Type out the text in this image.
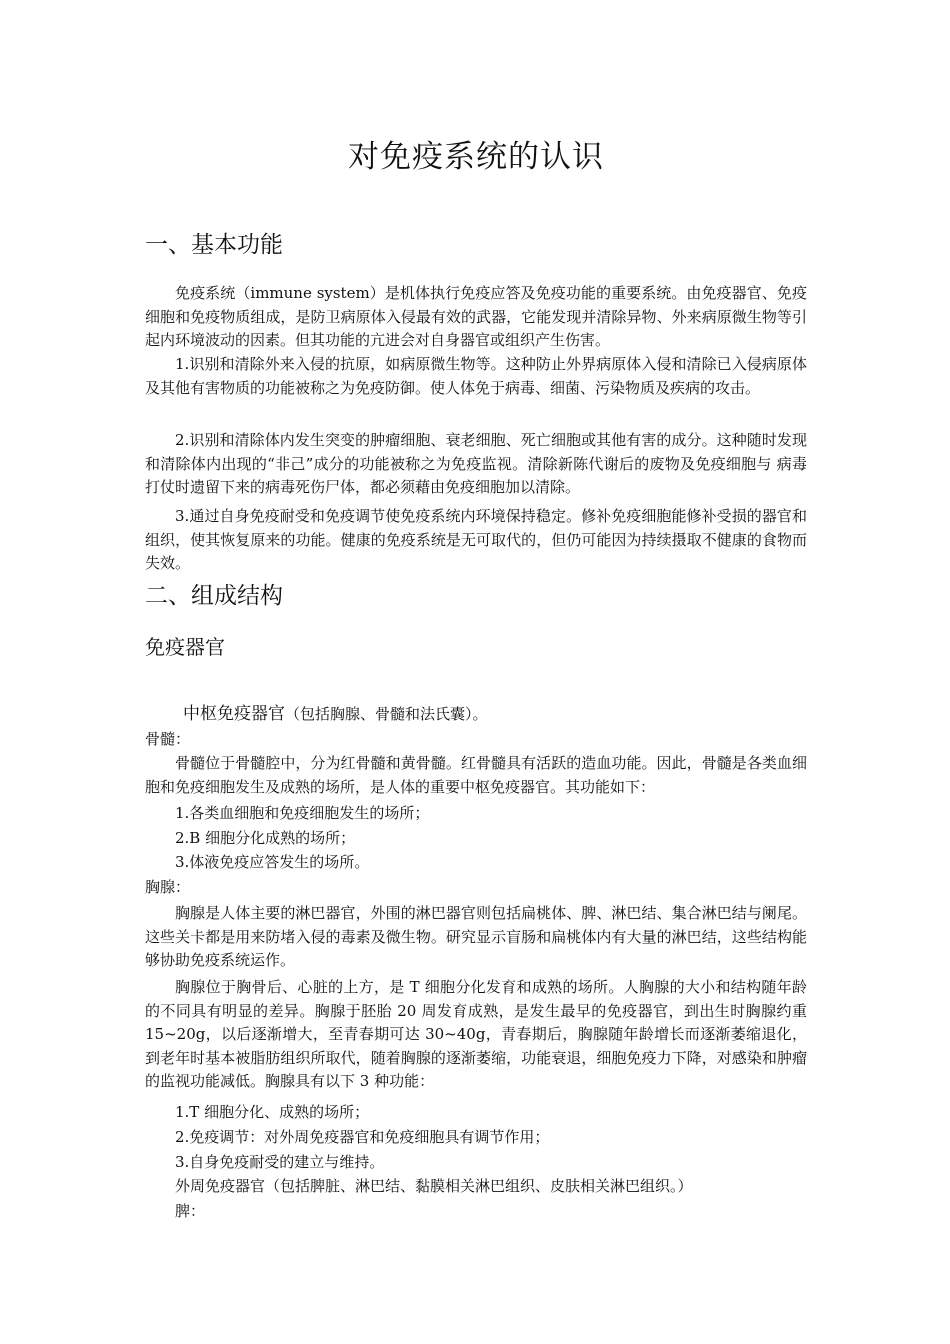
对免疫系统的认识
一、基本功能

免疫系统（immune system）是机体执行免疫应答及免疫功能的重要系统。由免疫器官、免疫细胞和免疫物质组成，是防卫病原体入侵最有效的武器，它能发现并清除异物、外来病原微生物等引起内环境波动的因素。但其功能的亢进会对自身器官或组织产生伤害。

1.识别和清除外来入侵的抗原，如病原微生物等。这种防止外界病原体入侵和清除已入侵病原体及其他有害物质的功能被称之为免疫防御。使人体免于病毒、细菌、污染物质及疾病的攻击。

2.识别和清除体内发生突变的肿瘤细胞、衰老细胞、死亡细胞或其他有害的成分。这种随时发现和清除体内出现的“非己”成分的功能被称之为免疫监视。清除新陈代谢后的废物及免疫细胞与 病毒打仗时遗留下来的病毒死伤尸体，都必须藉由免疫细胞加以清除。

3.通过自身免疫耐受和免疫调节使免疫系统内环境保持稳定。修补免疫细胞能修补受损的器官和组织，使其恢复原来的功能。健康的免疫系统是无可取代的，但仍可能因为持续摄取不健康的食物而失效。

二、组成结构
免疫器官
中枢免疫器官（包括胸腺、骨髓和法氏囊）。
骨髓：

骨髓位于骨髓腔中，分为红骨髓和黄骨髓。红骨髓具有活跃的造血功能。因此，骨髓是各类血细胞和免疫细胞发生及成熟的场所，是人体的重要中枢免疫器官。其功能如下：

1.各类血细胞和免疫细胞发生的场所；
2.B 细胞分化成熟的场所；
3.体液免疫应答发生的场所。
胸腺：

胸腺是人体主要的淋巴器官，外围的淋巴器官则包括扁桃体、脾、淋巴结、集合淋巴结与阑尾。这些关卡都是用来防堵入侵的毒素及微生物。研究显示盲肠和扁桃体内有大量的淋巴结，这些结构能够协助免疫系统运作。

胸腺位于胸骨后、心脏的上方，是 T 细胞分化发育和成熟的场所。人胸腺的大小和结构随年龄的不同具有明显的差异。胸腺于胚胎 20 周发育成熟，是发生最早的免疫器官，到出生时胸腺约重 15~20g，以后逐渐增大，至青春期可达 30~40g，青春期后，胸腺随年龄增长而逐渐萎缩退化，到老年时基本被脂肪组织所取代，随着胸腺的逐渐萎缩，功能衰退，细胞免疫力下降，对感染和肿瘤的监视功能减低。胸腺具有以下 3 种功能：

1.T 细胞分化、成熟的场所；
2.免疫调节：对外周免疫器官和免疫细胞具有调节作用；
3.自身免疫耐受的建立与维持。
外周免疫器官（包括脾脏、淋巴结、黏膜相关淋巴组织、皮肤相关淋巴组织。）
脾：
